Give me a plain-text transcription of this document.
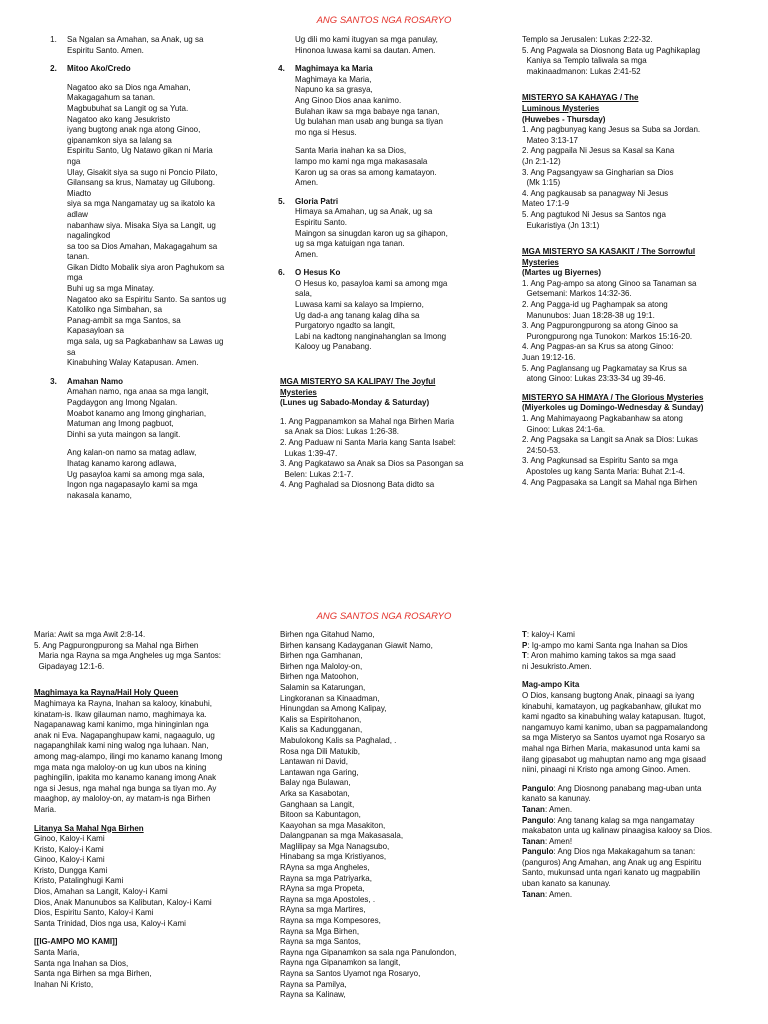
ANG SANTOS NGA ROSARYO
1. Sa Ngalan sa Amahan, sa Anak, ug sa
Espiritu Santo. Amen.
2. Mitoo Ako/Credo
Nagatoo ako sa Dios nga Amahan,
Makagagahum sa tanan.
Magbubuhat sa Langit og sa Yuta.
Nagatoo ako kang Jesukristo
iyang bugtong anak nga atong Ginoo,
gipanamkon siya sa lalang sa
Espiritu Santo, Ug Natawo gikan ni Maria
nga
Ulay, Gisakit siya sa sugo ni Poncio Pilato,
Gilansang sa krus, Namatay ug Gilubong.
Miadto
siya sa mga Nangamatay ug sa ikatolo ka
adlaw
nabanhaw siya. Misaka Siya sa Langit, ug
nagalingkod
sa too sa Dios Amahan, Makagagahum sa
tanan.
Gikan Didto Mobalik siya aron Paghukom sa
mga
Buhi ug sa mga Minatay.
Nagatoo ako sa Espiritu Santo. Sa santos ug
Katoliko nga Simbahan, sa
Panag-ambit sa mga Santos, sa
Kapasayloan sa
mga sala, ug sa Pagkabanhaw sa Lawas ug
sa
Kinabuhing Walay Katapusan. Amen.
3. Amahan Namo
Amahan namo, nga anaa sa mga langit,
Pagdaygon ang Imong Ngalan.
Moabot kanamo ang Imong gingharian,
Matuman ang Imong pagbuot,
Dinhi sa yuta maingon sa langit.
Ang kalan-on namo sa matag adlaw,
Ihatag kanamo karong adlawa,
Ug pasayloa kami sa among mga sala,
Ingon nga nagapasaylo kami sa mga
nakasala kanamo,
Ug dili mo kami itugyan sa mga panulay,
Hinonoa luwasa kami sa dautan. Amen.
4. Maghimaya ka Maria
Maghimaya ka Maria,
Napuno ka sa grasya,
Ang Ginoo Dios anaa kanimo.
Bulahan ikaw sa mga babaye nga tanan,
Ug bulahan man usab ang bunga sa tiyan
mo nga si Hesus.
Santa Maria inahan ka sa Dios,
lampo mo kami nga mga makasasala
Karon ug sa oras sa among kamatayon.
Amen.
5. Gloria Patri
Himaya sa Amahan, ug sa Anak, ug sa
Espiritu Santo.
Maingon sa sinugdan karon ug sa gihapon,
ug sa mga katuigan nga tanan.
Amen.
6. O Hesus Ko
O Hesus ko, pasayloa kami sa among mga
sala,
Luwasa kami sa kalayo sa Impierno,
Ug dad-a ang tanang kalag diha sa
Purgatoryo ngadto sa langit,
Labi na kadtong nanginahanglan sa Imong
Kalooy ug Panabang.
MGA MISTERYO SA KALIPAY/ The Joyful
Mysteries
(Lunes ug Sabado-Monday & Saturday)
1. Ang Pagpanamkon sa Mahal nga Birhen Maria
sa Anak sa Dios: Lukas 1:26-38.
2. Ang Paduaw ni Santa Maria kang Santa Isabel:
Lukas 1:39-47.
3. Ang Pagkatawo sa Anak sa Dios sa Pasongan sa
Belen: Lukas 2:1-7.
4. Ang Paghalad sa Diosnong Bata didto sa
Templo sa Jerusalen: Lukas 2:22-32.
5. Ang Pagwala sa Diosnong Bata ug Paghikaplag
Kaniya sa Templo taliwala sa mga
makinaadmanon: Lukas 2:41-52
MISTERYO SA KAHAYAG / The
Luminous Mysteries
(Huwebes - Thursday)
1. Ang pagbunyag kang Jesus sa Suba sa Jordan.
Mateo 3:13-17
2. Ang pagpaila Ni Jesus sa Kasal sa Kana
(Jn 2:1-12)
3. Ang Pagsangyaw sa Gingharian sa Dios
(Mk 1:15)
4. Ang pagkausab sa panagway Ni Jesus
Mateo 17:1-9
5. Ang pagtukod Ni Jesus sa Santos nga
Eukaristiya (Jn 13:1)
MGA MISTERYO SA KASAKIT / The Sorrowful
Mysteries
(Martes ug Biyernes)
1. Ang Pag-ampo sa atong Ginoo sa Tanaman sa
Getsemani: Markos 14:32-36.
2. Ang Pagga-id ug Paghampak sa atong
Manunubos: Juan 18:28-38 ug 19:1.
3. Ang Pagpurongpurong sa atong Ginoo sa
Purongpurong nga Tunokon: Markos 15:16-20.
4. Ang Pagpas-an sa Krus sa atong Ginoo:
Juan 19:12-16.
5. Ang Paglansang ug Pagkamatay sa Krus sa
atong Ginoo: Lukas 23:33-34 ug 39-46.
MISTERYO SA HIMAYA / The Glorious Mysteries
(Miyerkoles ug Domingo-Wednesday & Sunday)
1. Ang Mahimayaong Pagkabanhaw sa atong
Ginoo: Lukas 24:1-6a.
2. Ang Pagsaka sa Langit sa Anak sa Dios: Lukas
24:50-53.
3. Ang Pagkunsad sa Espiritu Santo sa mga
Apostoles ug kang Santa Maria: Buhat 2:1-4.
4. Ang Pagpasaka sa Langit sa Mahal nga Birhen
ANG SANTOS NGA ROSARYO
Maria: Awit sa mga Awit 2:8-14.
5. Ang Pagpurongpurong sa Mahal nga Birhen
Maria nga Rayna sa mga Angheles ug mga Santos:
Gipadayag 12:1-6.
Maghimaya ka Rayna/Hail Holy Queen
Maghimaya ka Rayna, Inahan sa kalooy, kinabuhi,
kinatam-is. Ikaw gilauman namo, maghimaya ka.
Nagapanawag kami kanimo, mga hininginlan nga
anak ni Eva. Nagapanghupaw kami, nagaagulo, ug
nagapanghilak kami ning walog nga luhaan. Nan,
among mag-alampo, ilingi mo kanamo kanang Imong
mga mata nga maloloy-on ug kun ubos na kining
paghingilin, ipakita mo kanamo kanang imong Anak
nga si Jesus, nga mahal nga bunga sa tiyan mo. Ay
maaghop, ay maloloy-on, ay matam-is nga Birhen
Maria.
Litanya Sa Mahal Nga Birhen
Ginoo, Kaloy-i Kami
Kristo, Kaloy-i Kami
Ginoo, Kaloy-i Kami
Kristo, Dungga Kami
Kristo, Patalinghugi Kami
Dios, Amahan sa Langit, Kaloy-i Kami
Dios, Anak Manunubos sa Kalibutan, Kaloy-i Kami
Dios, Espiritu Santo, Kaloy-i Kami
Santa Trinidad, Dios nga usa, Kaloy-i Kami
[[IG-AMPO MO KAMI]]
Santa Maria,
Santa nga Inahan sa Dios,
Santa nga Birhen sa mga Birhen,
Inahan Ni Kristo,
Birhen nga Gitahud Namo,
Birhen kansang Kadayganan Giawit Namo,
Birhen nga Gamhanan,
Birhen nga Maloloy-on,
Birhen nga Matoohon,
Salamin sa Katarungan,
Lingkoranan sa Kinaadman,
Hinungdan sa Among Kalipay,
Kalis sa Espiritohanon,
Kalis sa Kadungganan,
Mabulokong Kalis sa Paghalad, .
Rosa nga Dili Matukib,
Lantawan ni David,
Lantawan nga Garing,
Balay nga Bulawan,
Arka sa Kasabotan,
Ganghaan sa Langit,
Bitoon sa Kabuntagon,
Kaayohan sa mga Masakiton,
Dalangpanan sa mga Makasasala,
Maglilipay sa Mga Nanagsubo,
Hinabang sa mga Kristiyanos,
RAyna sa mga Angheles,
Rayna sa mga Patriyarka,
RAyna sa mga Propeta,
Rayna sa mga Apostoles, .
RAyna sa mga Martires,
Rayna sa mga Kompesores,
Rayna sa Mga Birhen,
Rayna sa mga Santos,
Rayna nga Gipanamkon sa sala nga Panulondon,
Rayna nga Gipanamkon sa langit,
Rayna sa Santos Uyamot nga Rosaryo,
Rayna sa Pamilya,
Rayna sa Kalinaw,
T: kaloy-i Kami
P: Ig-ampo mo kami Santa nga Inahan sa Dios
T: Aron mahimo kaming takos sa mga saad
ni Jesukristo.Amen.
Mag-ampo Kita
O Dios, kansang bugtong Anak, pinaagi sa iyang
kinabuhi, kamatayon, ug pagkabanhaw, gilukat mo
kami ngadto sa kinabuhing walay katapusan. Itugot,
nangamuyo kami kanimo, uban sa pagpamalandong
sa mga Misteryo sa Santos uyamot nga Rosaryo sa
mahal nga Birhen Maria, makasunod unta kami sa
ilang gipasabot ug mahuptan namo ang mga gisaad
niini, pinaagi ni Kristo nga among Ginoo. Amen.
Pangulo: Ang Diosnong panabang mag-uban unta
kanato sa kanunay.
Tanan: Amen.
Pangulo: Ang tanang kalag sa mga nangamatay
makabaton unta ug kalinaw pinaagisa kalooy sa Dios.
Tanan: Amen!
Pangulo: Ang Dios nga Makakagahum sa tanan:
(panguros) Ang Amahan, ang Anak ug ang Espiritu
Santo, mukunsad unta ngari kanato ug magpabilin
uban kanato sa kanunay.
Tanan: Amen.
